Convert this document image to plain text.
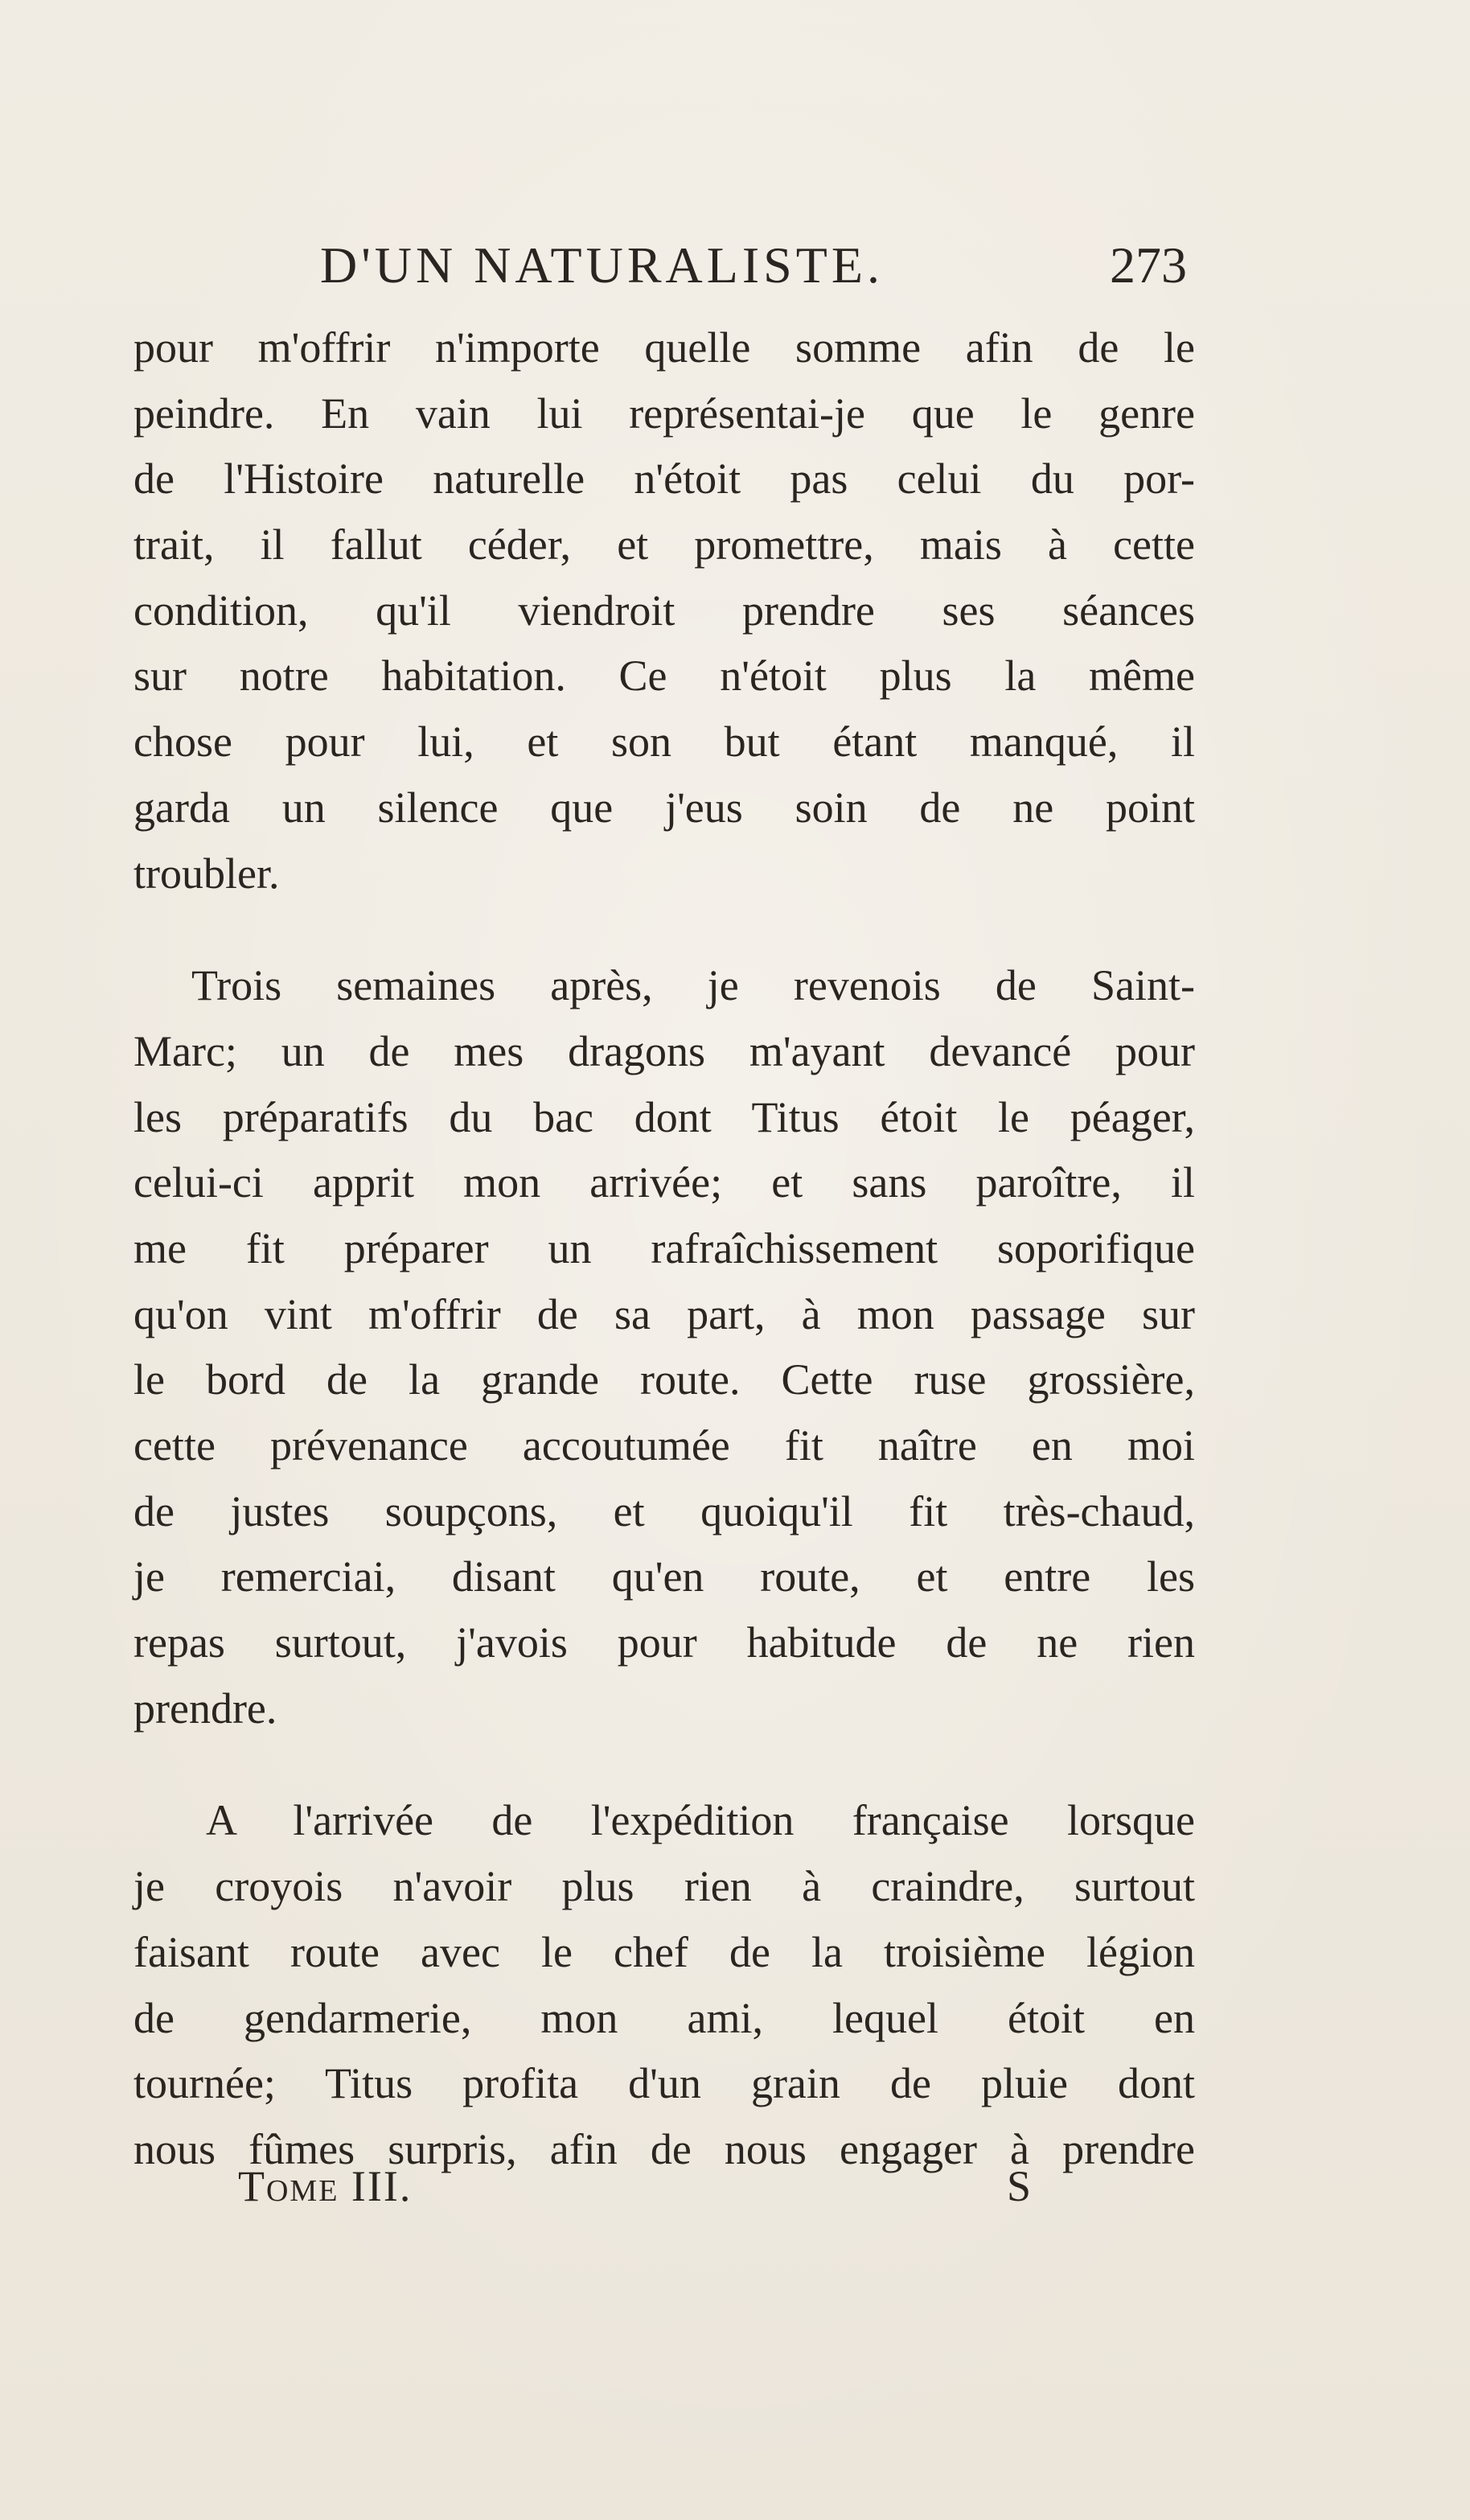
D'UN NATURALISTE.	273
pour m'offrir n'importe quelle somme afin de le
peindre. En vain lui représentai-je que le genre
de l'Histoire naturelle n'étoit pas celui du por-
trait, il fallut céder, et promettre, mais à cette
condition, qu'il viendroit prendre ses séances
sur notre habitation. Ce n'étoit plus la même
chose pour lui, et son but étant manqué, il
garda un silence que j'eus soin de ne point
troubler.
Trois semaines après, je revenois de Saint-
Marc; un de mes dragons m'ayant devancé pour
les préparatifs du bac dont Titus étoit le péager,
celui-ci apprit mon arrivée; et sans paroître, il
me fit préparer un rafraîchissement soporifique
qu'on vint m'offrir de sa part, à mon passage sur
le bord de la grande route. Cette ruse grossière,
cette prévenance accoutumée fit naître en moi
de justes soupçons, et quoiqu'il fit très-chaud,
je remerciai, disant qu'en route, et entre les
repas surtout, j'avois pour habitude de ne rien
prendre.
A l'arrivée de l'expédition française lorsque
je croyois n'avoir plus rien à craindre, surtout
faisant route avec le chef de la troisième légion
de gendarmerie, mon ami, lequel étoit en
tournée; Titus profita d'un grain de pluie dont
nous fûmes surpris, afin de nous engager à prendre
Tome III.	S
